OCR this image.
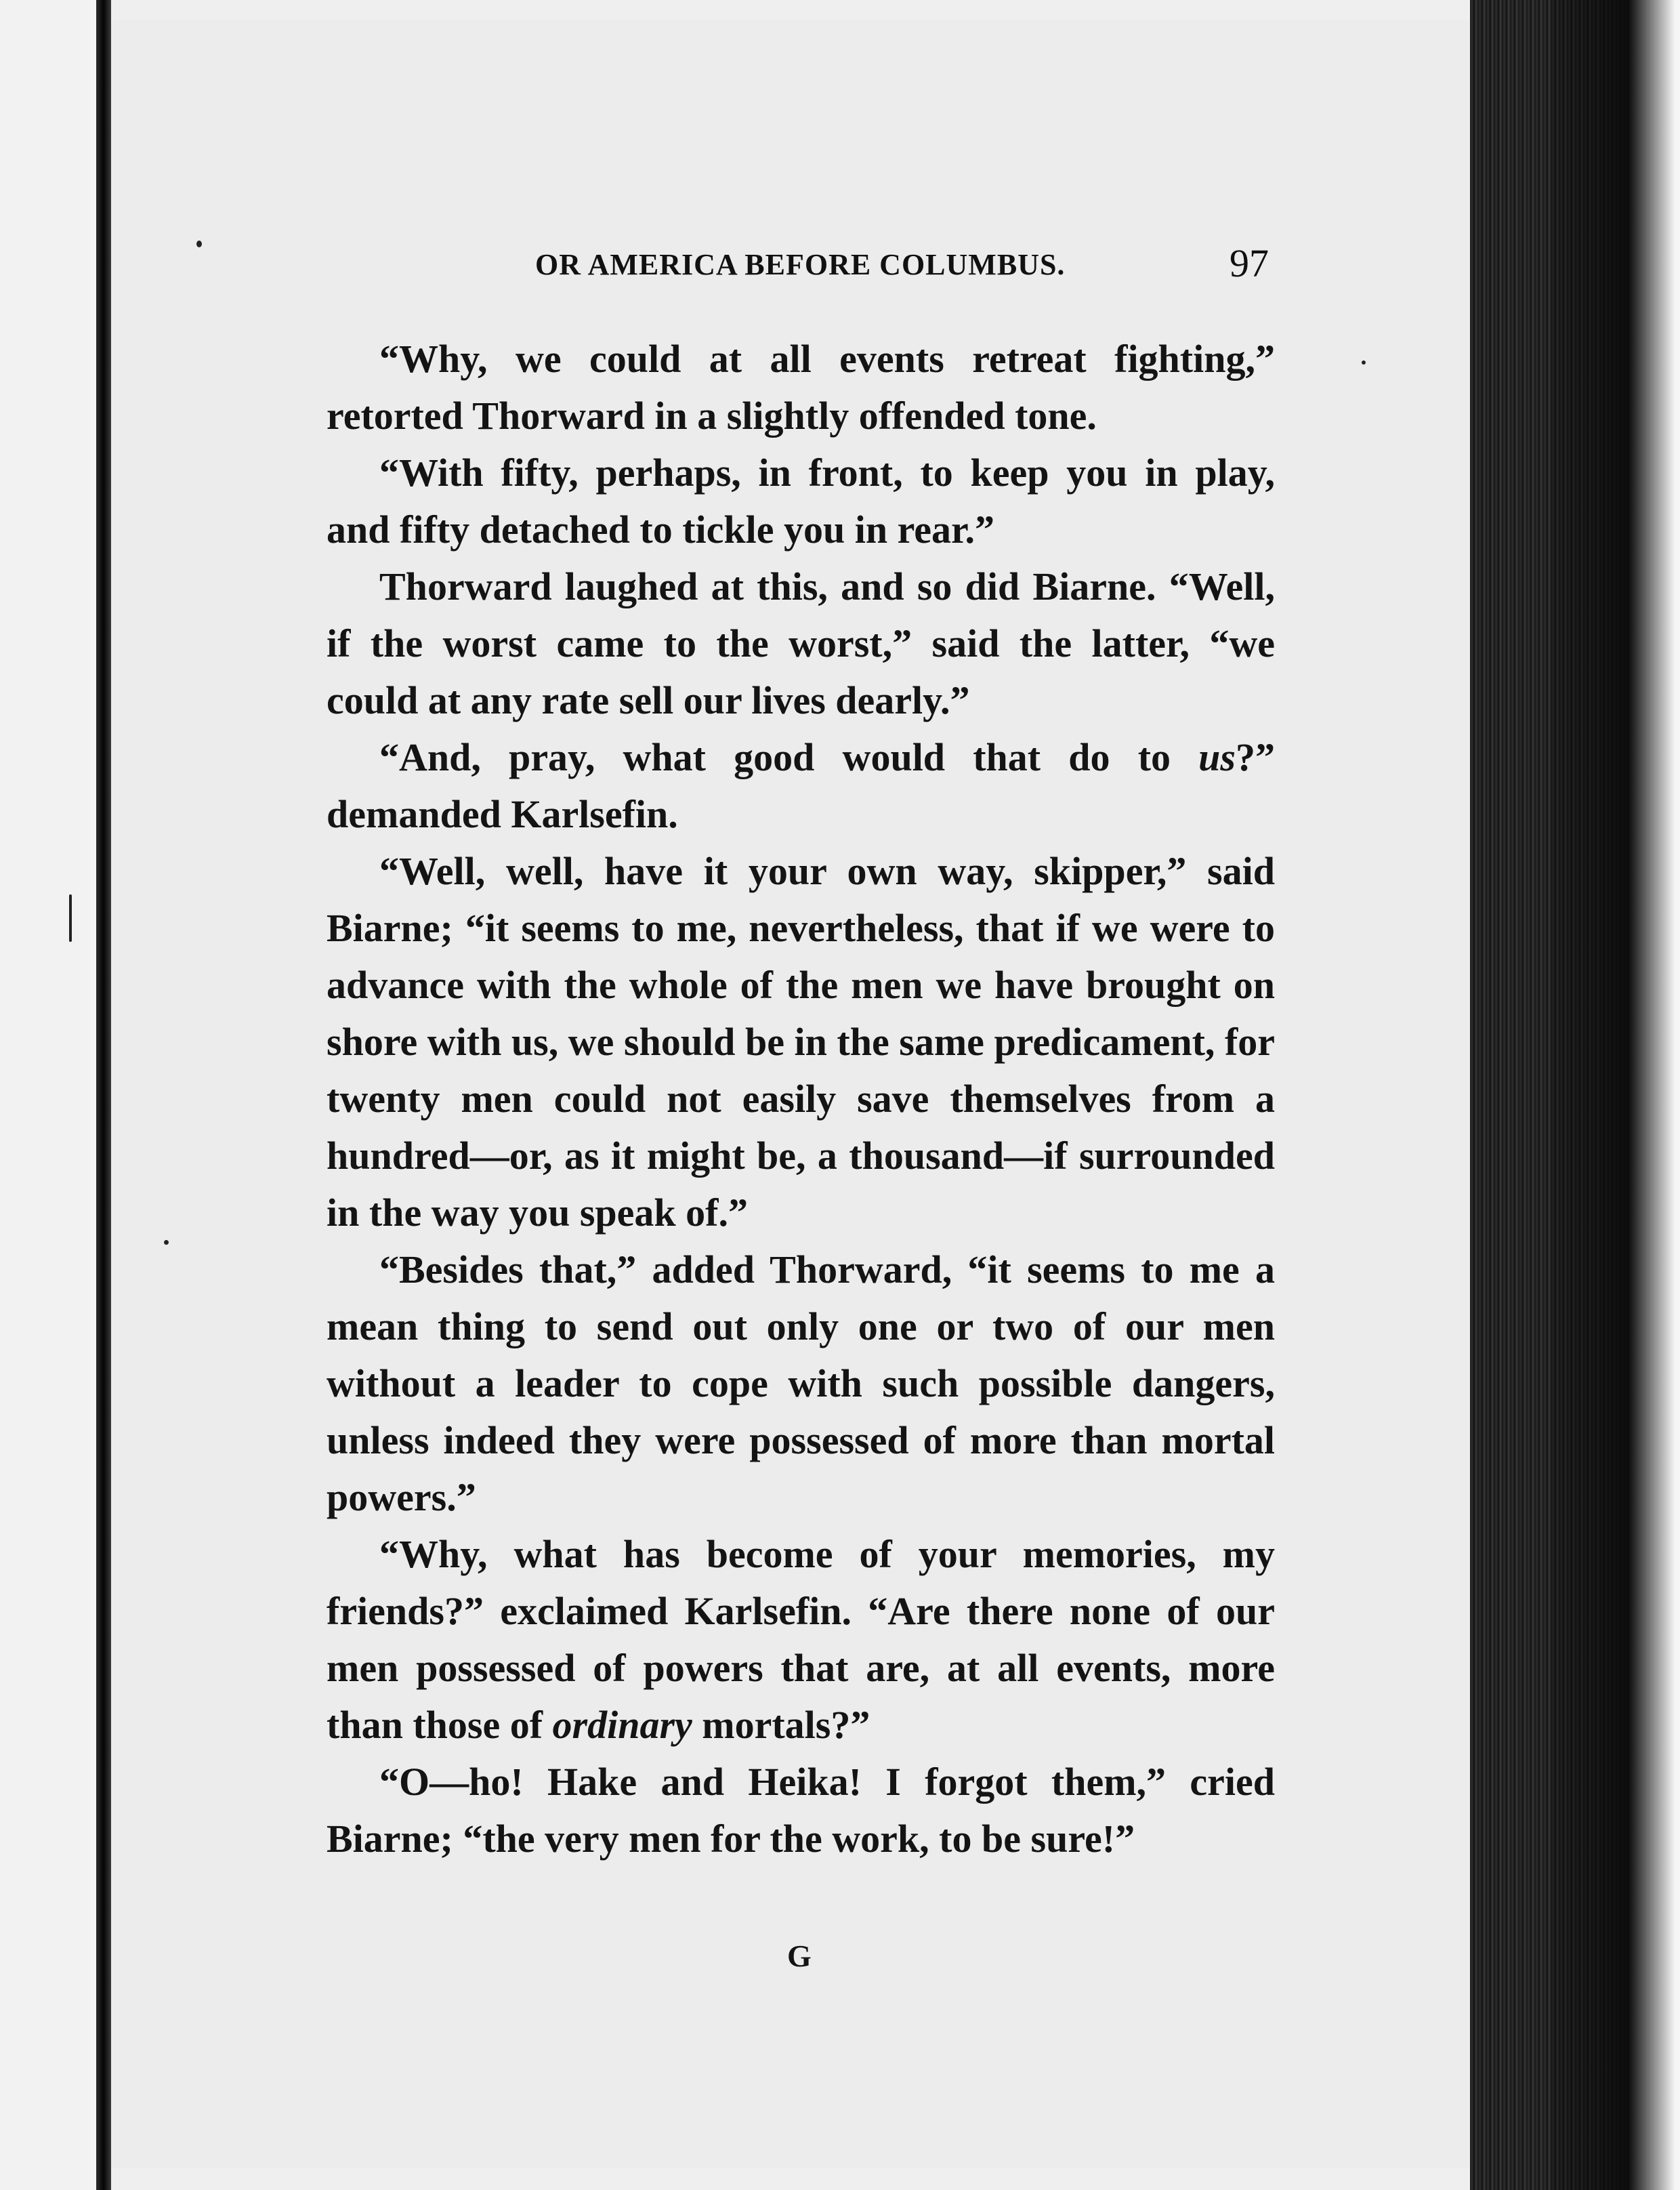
OR AMERICA BEFORE COLUMBUS.	97

“Why, we could at all events retreat fighting,” retorted Thorward in a slightly offended tone.

“With fifty, perhaps, in front, to keep you in play, and fifty detached to tickle you in rear.”

Thorward laughed at this, and so did Biarne. “Well, if the worst came to the worst,” said the latter, “we could at any rate sell our lives dearly.”

“And, pray, what good would that do to us?” demanded Karlsefin.

“Well, well, have it your own way, skipper,” said Biarne; “it seems to me, nevertheless, that if we were to advance with the whole of the men we have brought on shore with us, we should be in the same predicament, for twenty men could not easily save themselves from a hundred—or, as it might be, a thousand—if surrounded in the way you speak of.”

“Besides that,” added Thorward, “it seems to me a mean thing to send out only one or two of our men without a leader to cope with such possible dangers, unless indeed they were possessed of more than mortal powers.”

“Why, what has become of your memories, my friends?” exclaimed Karlsefin. “Are there none of our men possessed of powers that are, at all events, more than those of ordinary mortals?”

“O—ho! Hake and Heika! I forgot them,” cried Biarne; “the very men for the work, to be sure!”

G
